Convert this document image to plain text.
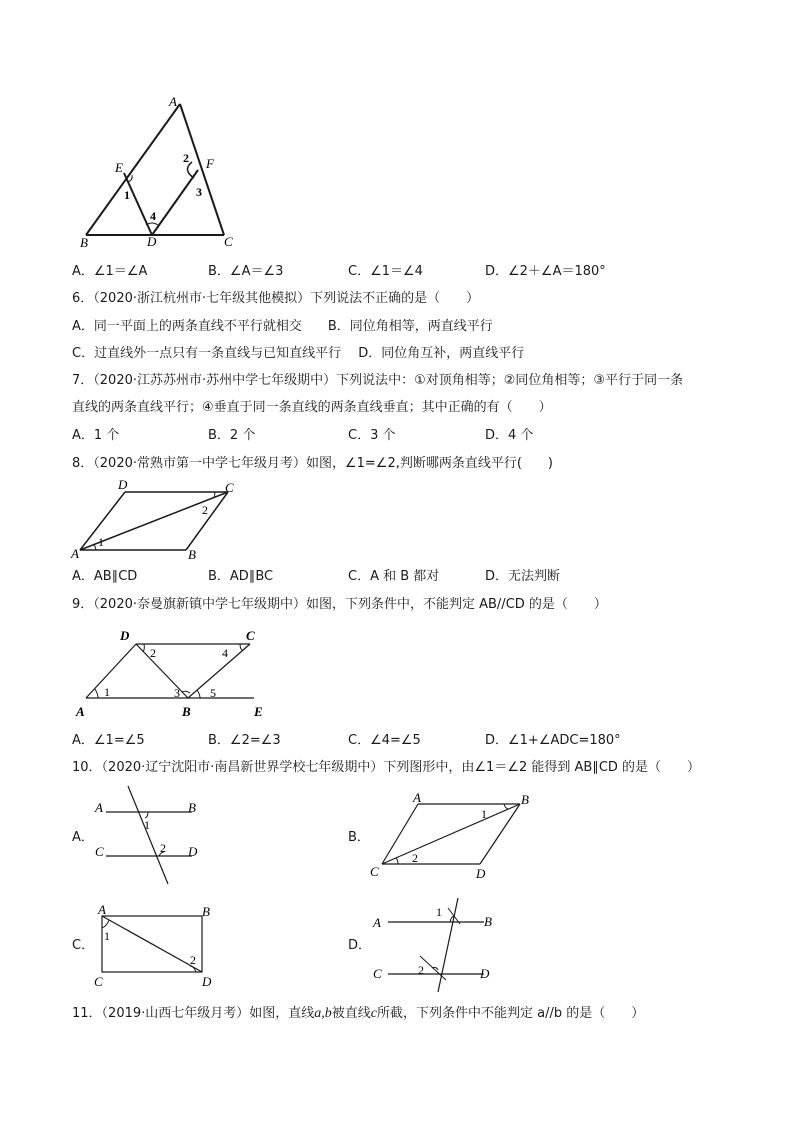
A
E	F
B	D	C
1
2
3
4
A．∠1＝∠A	B．∠A＝∠3	C．∠1＝∠4	D．∠2＋∠A＝180°
6．（2020·浙江杭州市·七年级其他模拟）下列说法不正确的是（　　）
A．同一平面上的两条直线不平行就相交　　B．同位角相等，两直线平行
C．过直线外一点只有一条直线与已知直线平行　 D．同位角互补，两直线平行
7．（2020·江苏苏州市·苏州中学七年级期中）下列说法中：①对顶角相等；②同位角相等；③平行于同一条
直线的两条直线平行；④垂直于同一条直线的两条直线垂直；其中正确的有（　　）
A．1 个	B．2 个	C．3 个	D．4 个
8．（2020·常熟市第一中学七年级月考）如图，∠1=∠2,判断哪两条直线平行(　　)
D	C
A	B
1
2
A．AB∥CD	B．AD∥BC	C．A 和 B 都对	D．无法判断
9．（2020·奈曼旗新镇中学七年级期中）如图，下列条件中，不能判定 AB//CD 的是（　　）
D	C
A	B	E
1
2
3
4
5
A．∠1=∠5	B．∠2=∠3	C．∠4=∠5	D．∠1+∠ADC=180°
10．（2020·辽宁沈阳市·南昌新世界学校七年级期中）下列图形中，由∠1＝∠2 能得到 AB∥CD 的是（　　）
A．
A	B
C	D
1
2
B．
A	B
C	D
1
2
C．
A	B
C	D
1
2
D．
A	B
C	D
1
2
11．（2019·山西七年级月考）如图，直线a,b被直线c所截，下列条件中不能判定 a//b 的是（　　）
